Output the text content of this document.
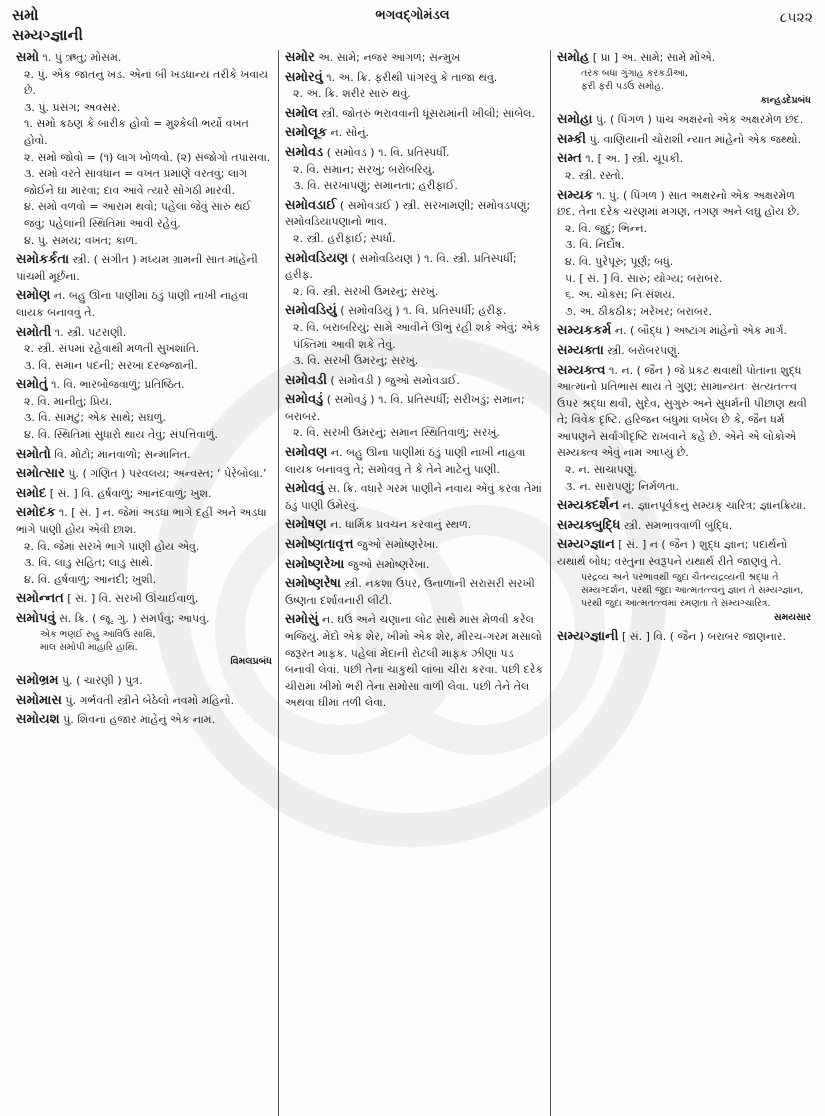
સમો
સમ્યગ્જ્ઞાની
ભગવદ્ગોમંડલ	૮૫૨૨
સમો ૧. પું ઋતુ; મોસમ.
૨. પું. એક જાતનું ખડ. એનાં બી ખડધાન્ય તરીકે ખવાય છે.
૩. પું. પ્રસંગ; અવસર.
૧. સમો કઠણ કે બારીક હોવો = મુશ્કેલી ભર્યો વખત હોવો.
૨. સમો જોવો = (૧) લાગ ખોળવો. (૨) સંજોગો તપાસવા.
૩. સમો વરતે સાવધાન = વખત પ્રમાણે વરતવું; લાગ જોઈને ઘા મારવા; દાવ આવે ત્યારે સોગઠી મારવી.
૪. સમો વળવો = આરામ થવો; પહેલાં જેવું સારું થઈ જવું; પહેલાંની સ્થિતિમાં આવી રહેવું.
૪. પું. સમય; વખત; કાળ.
સમોકર્કતા સ્ત્રી. ( સંગીત ) મધ્યમ ગ્રામની સાત માંહેની પાંચમી મૂર્છના.
સમોણ ન. બહુ ઊના પાણીમાં ઠંડું પાણી નાખી નાહવા લાયક બનાવવું તે.
સમોતી ૧. સ્ત્રી. પટરાણી.
૨. સ્ત્રી. સંપમાં રહેવાથી મળતી સુખશાંતિ.
૩. વિ. સમાન પદની; સરખા દરજ્જાની.
સમોતું ૧. વિ. ભારબોજવાળું; પ્રતિષ્ઠિત.
૨. વિ. માનીતું; પ્રિય.
૩. વિ. સામટું; એક સાથે; સઘળું.
૪. વિ. સ્થિતિમાં સુધારો થાય તેવું; સંપત્તિવાળું.
સમોતો વિ. મોટો; માનવાળો; સન્માનિત.
સમોત્સાર પું. ( ગણિત ) પરવલય; અન્વસ્ત; ‘ પેરેબોલા.’
સમોદ [ સં. ] વિ. હર્ષવાળું; આનંદવાળું; ખુશ.
સમોદક ૧. [ સં. ] ન. જેમાં અડધા ભાગે દહીં અને અડધા ભાગે પાણી હોય એવી છાશ.
૨. વિ. જેમાં સરખે ભાગે પાણી હોય એવું.
૩. વિ. લાડુ સહિત; લાડુ સાથે.
૪. વિ. હર્ષવાળું; આનંદી; ખુશી.
સમોન્નત [ સં. ] વિ. સરખી ઊંચાઈવાળું.
સમોપવું સ. ક્રિ. ( જૂ. ગુ. ) સમર્પવું; આપવું.
એક ભણઈ રુહુ આવિઉ સાથિ,
માલ સમોપી માહારિ હાથિ.
વિમલપ્રબંધ
સમોભ્રમ પું. ( ચારણી ) પુત્ર.
સમોમાસ પું. ગર્ભવતી સ્ત્રીને બેઠેલો નવમો મહિનો.
સમોયશ પું. શિવનાં હજાર માંહેનું એક નામ.
સમોર અ. સામે; નજર આગળ; સન્મુખ
સમોરવું ૧. અ. ક્રિ. ફરીથી પાંગરવું કે તાજા થવું.
૨. અ. ક્રિ. શરીર સારું થવું.
સમોલ સ્ત્રી. જોતરું ભરાવવાની ધૂંસરામાંની ખીલી; સાંબેલ.
સમોલૂક ન. સોનું.
સમોવડ ( સમોવડ ) ૧. વિ. પ્રતિસ્પર્ધી.
૨. વિ. સમાન; સરખું; બરોબરિયું.
૩. વિ. સરખાપણું; સમાનતા; હરીફાઈ.
સમોવડાઈ ( સમોવડાઈ ) સ્ત્રી. સરખામણી; સમોવડપણું; સમોવડિયાપણાનો ભાવ.
૨. સ્ત્રી. હરીફાઈ; સ્પર્ધા.
સમોવડિયણ ( સમોવડિયણ ) ૧. વિ. સ્ત્રી. પ્રતિસ્પર્ધી; હરીફ.
૨. વિ. સ્ત્રી. સરખી ઉમરનું; સરખું.
સમોવડિયું ( સમોવડિયું ) ૧. વિ. પ્રતિસ્પર્ધી; હરીફ.
૨. વિ. બરાબરિયું; સામે આવીને ઊભું રહી શકે એવું; એક પંક્તિમાં આવી શકે તેવું.
૩. વિ. સરખી ઉમરનું; સરખું.
સમોવડી ( સમોવડી ) જુઓ સમોવડાઈ.
સમોવડું ( સમોવડું ) ૧. વિ. પ્રતિસ્પર્ધી; સરીખડું; સમાન; બરાબર.
૨. વિ. સરખી ઉમરનું; સમાન સ્થિતિવાળું; સરખું.
સમોવણ ન. બહુ ઊના પાણીમાં ઠંડું પાણી નાખી નાહવા લાયક બનાવવું તે; સમોવવું તે કે તેને માટેનું પાણી.
સમોવવું સ. ક્રિ. વધારે ગરમ પાણીને નવાય એવું કરવા તેમાં ઠંડું પાણી ઉમેરવું.
સમોષણ ન. ધાર્મિક પ્રવચન કરવાનું સ્થળ.
સમોષ્ણતાવૃત્ત જુઓ સમોષ્ણરેખા.
સમોષ્ણરેખા જુઓ સમોષ્ણરેખા.
સમોષ્ણરેષા સ્ત્રી. નકશા ઉપર, ઉનાળાની સરાસરી સરખી ઉષ્ણતા દર્શાવનારી લીટી.
સમોસું ન. ઘઉં અને ચણાના લોટ સાથે માંસ મેળવી કરેલ ભજિયું. મેંદો એક શેર, ખીમો એક શેર, મીરચ-ગરમ મસાલો જરૂરત માફક. પહેલાં મેંદાની રોટલી માફક ઝીણાં પડ બનાવી લેવાં. પછી તેના ચાકુથી લાંબા ચીરા કરવા. પછી દરેક ચીરામાં ખીમો ભરી તેના સમોસા વાળી લેવા. પછી તેને તેલ અથવા ઘીમાં તળી લેવા.
સમોહ [ પ્રા ] અ. સામે; સામે મોંએ.
તરક બધા ગુંગાહ કરકડીઆ,
ફરી ફરી પડઉ સમોહ.
કાન્હડદેપ્રબંધ
સમોહા પું. ( પિંગળ ) પાંચ અક્ષરનો એક અક્ષરમેળ છંદ.
સમ્કી પું. વાણિયાની ચોરાશી ન્યાત માંહેનો એક જથ્થો.
સમ્ત ૧. [ અ. ] સ્ત્રી. ચૂપકી.
૨. સ્ત્રી. રસ્તો.
સમ્યક ૧. પું. ( પિંગળ ) સાત અક્ષરનો એક અક્ષરમેળ છંદ. તેના દરેક ચરણમાં મગણ, તગણ અને લઘુ હોય છે.
૨. વિ. જુદું; ભિન્ન.
૩. વિ. નિર્દોષ.
૪. વિ. પુરેપૂરું; પૂર્ણ; બધું.
૫. [ સં. ] વિ. સારું; યોગ્ય; બરાબર.
૬. અ. ચોક્સ; નિઃસંશય.
૭. અ. ઠીકઠીક; ખરેખર; બરાબર.
સમ્યકકર્મ ન. ( બૌદ્ધ ) અષ્ટાંગ માંહેનો એક માર્ગ.
સમ્યક્તા સ્ત્રી. બરોબરપણું.
સમ્યક્ત્વ ૧. ન. ( જૈન ) જે પ્રકટ થવાથી પોતાના શુદ્ધ આત્માનો પ્રતિભાસ થાય તે ગુણ; સામાન્યતઃ સત્યતત્ત્વ ઉપર શ્રદ્ધા થવી, સુદેવ, સુગુરુ અને સુધર્મની પીછાણ થવી તે; વિવેક દૃષ્ટિ. હરિજન બંધુમાં લખેલ છે કે, જૈન ધર્મ આપણને સર્વાંગીદૃષ્ટિ રાખવાને કહે છે. એને એ લોકોએ સમ્યક્ત્વ એવું નામ આપ્યું છે.
૨. ન. સાચાપણું.
૩. ન. સારાપણું; નિર્મળતા.
સમ્યક્દર્શન ન. જ્ઞાનપૂર્વકનું સમ્યક્ ચારિત્ર; જ્ઞાનક્રિયા.
સમ્યક્બુદ્ધિ સ્ત્રી. સમભાવવાળી બુદ્ધિ.
સમ્યગ્જ્ઞાન [ સં. ] ન ( જૈન ) શુદ્ધ જ્ઞાન; પદાર્થનો યથાર્થ બોધ; વસ્તુના સ્વરૂપને યથાર્થ રીતે જાણવું તે.
પરદ્રવ્ય અને પરભાવથી જુદા ચૈતન્યદ્રવ્યની શ્રદ્ધા તે સમ્યગ્દર્શન, પરથી જુદા આત્મતત્ત્વનું જ્ઞાન તે સમ્યગ્જ્ઞાન, પરથી જુદા આત્મતત્ત્વમાં રમણતા તે સમ્યગ્ચારિત્ર.
સમયસાર
સમ્યગ્જ્ઞાની [ સં. ] વિ. ( જૈન ) બરાબર જાણનાર.
